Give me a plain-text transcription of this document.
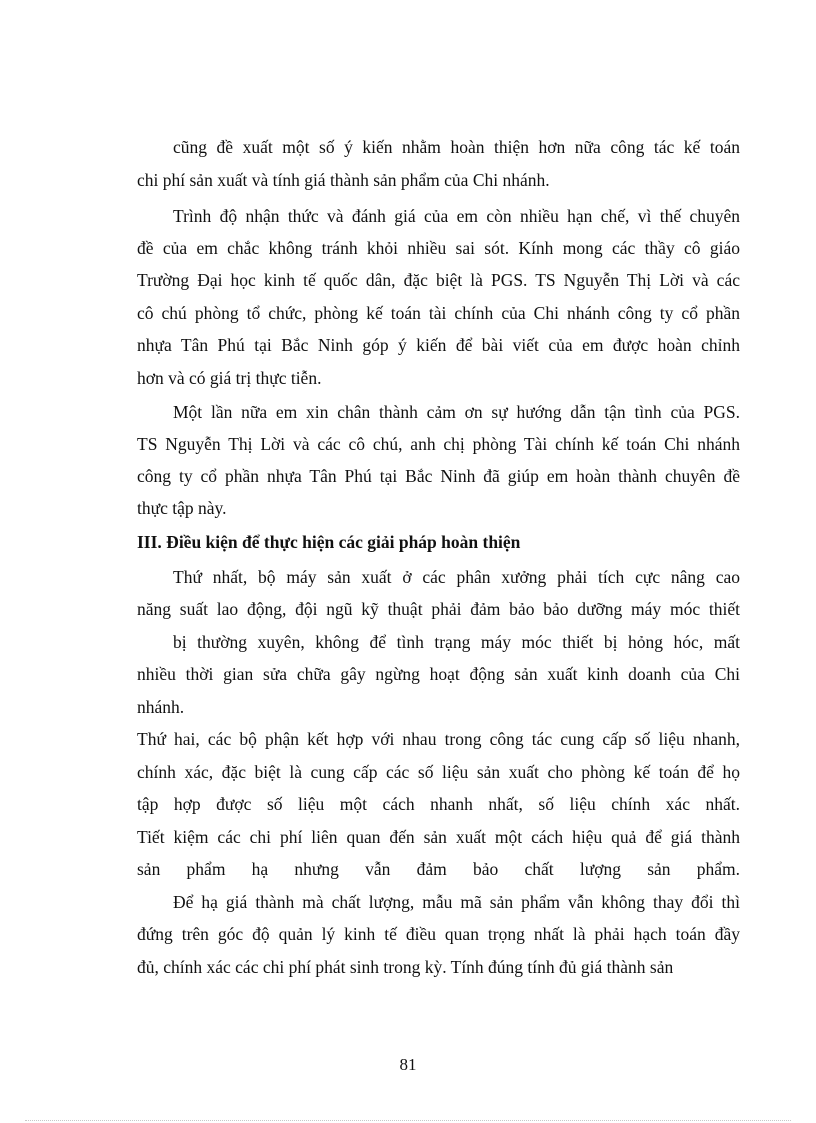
cũng đề xuất một số ý kiến nhằm hoàn thiện hơn nữa công tác kế toán
chi phí sản xuất và tính giá thành sản phẩm của Chi nhánh.
Trình độ nhận thức và đánh giá của em còn nhiều hạn chế, vì thế chuyên
đề của em chắc không tránh khỏi nhiều sai sót. Kính mong các thầy cô giáo
Trường Đại học kinh tế quốc dân, đặc biệt là PGS. TS Nguyễn Thị Lời và các
cô chú phòng tổ chức, phòng kế toán tài chính của Chi nhánh công ty cổ phần
nhựa Tân Phú tại Bắc Ninh góp ý kiến để bài viết của em được hoàn chỉnh
hơn và có giá trị thực tiễn.
Một lần nữa em xin chân thành cảm ơn sự hướng dẫn tận tình của PGS.
TS Nguyễn Thị Lời và các cô chú, anh chị phòng Tài chính kế toán Chi nhánh
công ty cổ phần nhựa Tân Phú tại Bắc Ninh đã giúp em hoàn thành chuyên đề
thực tập này.
III. Điều kiện để thực hiện các giải pháp hoàn thiện
Thứ nhất, bộ máy sản xuất ở các phân xưởng phải tích cực nâng cao
năng suất lao động, đội ngũ kỹ thuật phải đảm bảo bảo dưỡng máy móc thiết
bị thường xuyên, không để tình trạng máy móc thiết bị hỏng hóc, mất
nhiều thời gian sửa chữa gây ngừng hoạt động sản xuất kinh doanh của Chi
nhánh.
Thứ hai, các bộ phận kết hợp với nhau trong công tác cung cấp số liệu nhanh,
chính xác, đặc biệt là cung cấp các số liệu sản xuất cho phòng kế toán để họ
tập hợp được số liệu một cách nhanh nhất, số liệu chính xác nhất.
Tiết kiệm các chi phí liên quan đến sản xuất một cách hiệu quả để giá thành
sản phẩm hạ nhưng vẫn đảm bảo chất lượng sản phẩm.
Để hạ giá thành mà chất lượng, mẫu mã sản phẩm vẫn không thay đổi thì
đứng trên góc độ quản lý kinh tế điều quan trọng nhất là phải hạch toán đầy
đủ, chính xác các chi phí phát sinh trong kỳ. Tính đúng tính đủ giá thành sản
81
